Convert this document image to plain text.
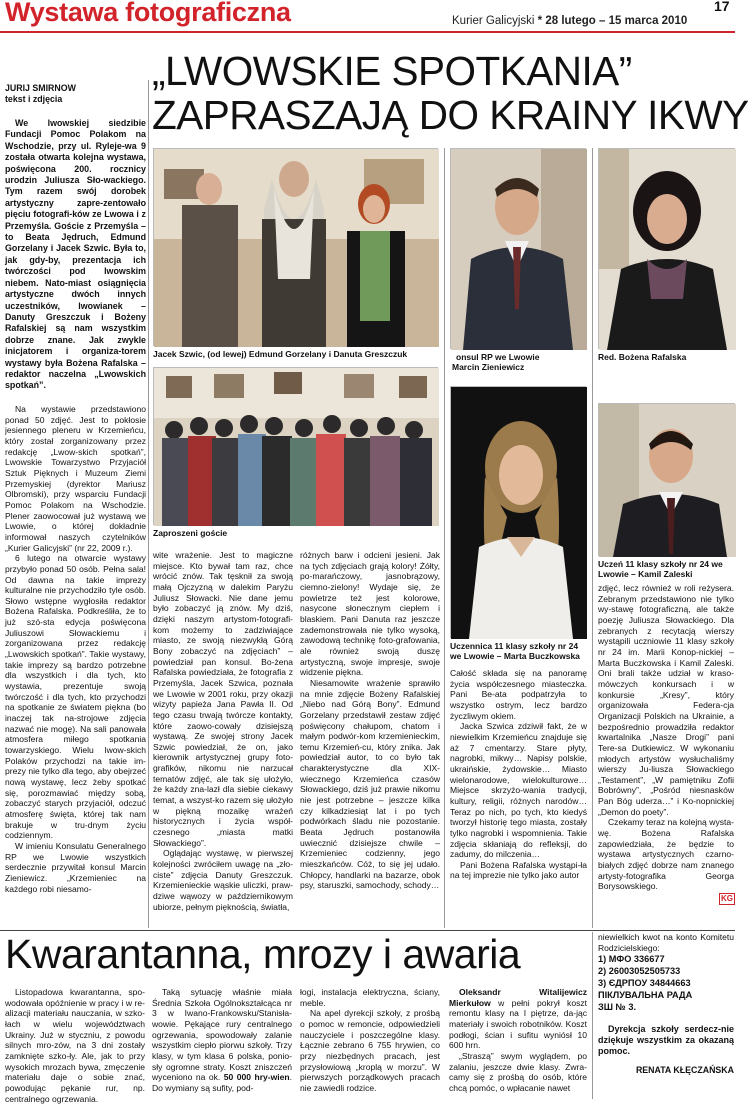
Wystawa fotograficzna	Kurier Galicyjski * 28 lutego – 15 marca 2010
17
„LWOWSKIE SPOTKANIA”
ZAPRASZAJĄ DO KRAINY IKWY
JURIJ SMIRNOW
tekst i zdjęcia

We lwowskiej siedzibie Fundacji Pomoc Polakom na Wschodzie, przy ul. Ryleje-wa 9 została otwarta kolejna wystawa, poświęcona 200. rocznicy urodzin Juliusza Sło-wackiego. Tym razem swój dorobek artystyczny zapre-zentowało pięciu fotografi-ków ze Lwowa i z Przemyśla. Goście z Przemyśla – to Beata Jędruch, Edmund Gorzelany i Jacek Szwic. Była to, jak gdy-by, prezentacja ich twórczości pod lwowskim niebem. Nato-miast osiągnięcia artystyczne dwóch innych uczestników, lwowianek – Danuty Greszczuk i Bożeny Rafalskiej są nam wszystkim dobrze znane. Jak zwykle inicjatorem i organiza-torem wystawy była Bożena Rafalska – redaktor naczelna „Lwowskich spotkań”.

Na wystawie przedstawiono ponad 50 zdjęć. Jest to pokłosie jesiennego pleneru w Krzemieńcu, który został zorganizowany przez redakcję „Lwow-skich spotkań”, Lwowskie Towarzystwo Przyjaciół Sztuk Pięknych i Muzeum Ziemi Przemyskiej (dyrektor Mariusz Olbromski), przy wsparciu Fundacji Pomoc Polakom na Wschodzie. Plener zaowocował już wystawą we Lwowie, o której dokładnie informował naszych czytelników „Kurier Galicyjski” (nr 22, 2009 r.).

6 lutego na otwarcie wystawy przybyło ponad 50 osób. Pełna sala! Od dawna na takie imprezy kulturalne nie przychodziło tyle osób. Słowo wstępne wygłosiła redaktor Bożena Rafalska. Podkreśliła, że to już szó-sta edycja poświęcona Juliuszowi Słowackiemu i zorganizowana przez redakcję „Lwowskich spotkań”. Takie wystawy, takie imprezy są bardzo potrzebne dla wszystkich i dla tych, kto wystawia, prezentuje swoją twórczość i dla tych, kto przychodzi na spotkanie ze światem piękna (bo inaczej tak na-strojowe zdjęcia nazwać nie mogę). Na sali panowała atmosfera miłego spotkania towarzyskiego. Wielu lwow-skich Polaków przychodzi na takie im-prezy nie tylko dla tego, aby obejrzeć nową wystawę, lecz żeby spotkać się, porozmawiać między sobą, zobaczyć starych przyjaciół, odczuć atmosferę święta, której tak nam brakuje w tru-dnym życiu codziennym.

W imieniu Konsulatu Generalnego RP we Lwowie wszystkich serdecznie przywitał konsul Marcin Zieniewicz. „Krzemieniec na każdego robi niesamo-

Jacek Szwic, (od lewej) Edmund Gorzelany i Danuta Greszczuk	onsul RP we Lwowie
Marcin Zieniewicz
Red. Bożena Rafalska
Zaproszeni goście
Uczennica 11 klasy szkoły nr 24 we Lwowie – Marta Buczkowska
Uczeń 11 klasy szkoły nr 24 we Lwowie – Kamil Zaleski

wite wrażenie. Jest to magiczne miejsce. Kto bywał tam raz, chce wrócić znów. Tak tęsknił za swoją małą Ojczyzną w dalekim Paryżu Juliusz Słowacki. Nie dane jemu było zobaczyć ją znów. My dziś, dzięki naszym artystom-fotografi-kom możemy to zadziwiające miasto, ze swoją niezwykłą Górą Bony zobaczyć na zdjęciach” – powiedział pan konsul. Bo-żena Rafalska powiedziała, że fotografia z Przemyśla, Jacek Szwica, poznała we Lwowie w 2001 roku, przy okazji wizyty papieża Jana Pawła II. Od tego czasu trwają twórcze kontakty, które zaowo-cowały dzisiejszą wystawą. Ze swojej strony Jacek Szwic powiedział, że on, jako kierownik artystycznej grupy foto-grafików, nikomu nie narzucał tematów zdjęć, ale tak się ułożyło, że każdy zna-lazł dla siebie ciekawy temat, a wszyst-ko razem się ułożyło w piękną mozaikę wrażeń historycznych i życia współ-czesnego „miasta matki Słowackiego”.

Oglądając wystawę, w pierwszej kolejności zwróciłem uwagę na „zło-ciste” zdjęcia Danuty Greszczuk. Krzemienieckie wąskie uliczki, praw-dziwe wąwozy w październikowym ubiorze, pełnym pięknością, światła,

różnych barw i odcieni jesieni. Jak na tych zdjęciach grają kolory! Żółty, po-marańczowy, jasnobrązowy, ciemno-zielony! Wydaje się, że powietrze też jest kolorowe, nasycone słonecznym ciepłem i blaskiem. Pani Danuta raz jeszcze zademonstrowała nie tylko wysoką, zawodową technikę foto-grafowania, ale również swoją duszę artystyczną, swoje impresje, swoje widzenie piękna.

Niesamowite wrażenie sprawiło na mnie zdjęcie Bożeny Rafalskiej „Niebo nad Górą Bony”. Edmund Gorzelany przedstawił zestaw zdjęć poświęcony chałupom, chatom i małym podwór-kom krzemienieckim, temu Krzemień-cu, który znika. Jak powiedział autor, to co było tak charakterystyczne dla XIX-wiecznego Krzemieńca czasów Słowackiego, dziś już prawie nikomu nie jest potrzebne – jeszcze kilka czy kilkadziesiąt lat i po tych podwórkach śladu nie pozostanie. Beata Jędruch postanowiła uwiecznić dzisiejsze chwile – Krzemieniec codzienny, jego mieszkańców. Cóż, to się jej udało. Chłopcy, handlarki na bazarze, obok psy, staruszki, samochody, schody…

Całość składa się na panoramę życia współczesnego miasteczka. Pani Be-ata podpatrzyła to wszystko ostrym, lecz bardzo życzliwym okiem.

Jacka Szwica zdziwił fakt, że w niewielkim Krzemieńcu znajduje się aż 7 cmentarzy. Stare płyty, nagrobki, mikwy… Napisy polskie, ukraińskie, żydowskie… Miasto wielonarodowe, wielokulturowe… Miejsce skrzyżo-wania tradycji, kultury, religii, różnych narodów… Teraz po nich, po tych, kto kiedyś tworzył historię tego miasta, zostały tylko nagrobki i wspomnienia. Takie zdjęcia skłaniają do refleksji, do zadumy, do milczenia…

Pani Bożena Rafalska wystąpi-ła na tej imprezie nie tylko jako autor

zdjęć, lecz również w roli reżysera. Zebranym przedstawiono nie tylko wy-stawę fotograficzną, ale także poezję Juliusza Słowackiego. Dla zebranych z recytacją wierszy wystąpili uczniowie 11 klasy szkoły nr 24 im. Marii Konop-nickiej – Marta Buczkowska i Kamil Zaleski. Oni brali także udział w kraso-mówczych konkursach i w konkursie „Kresy”, który organizowała Federa-cja Organizacji Polskich na Ukrainie, a bezpośrednio prowadziła redaktor kwartalnika „Nasze Drogi” pani Tere-sa Dutkiewicz. W wykonaniu młodych artystów wysłuchaliśmy wierszy Ju-liusza Słowackiego „Testament”, „W pamiętniku Zofii Bobrówny”, „Pośród niesnasków Pan Bóg uderza…” i Ko-nopnickiej „Demon do poety”.

Czekamy teraz na kolejną wysta-wę. Bożena Rafalska zapowiedziała, że będzie to wystawa artystycznych czarno-białych zdjęć dobrze nam znanego artysty-fotografika Georga Borysowskiego.

KG
Kwarantanna, mrozy i awaria

Listopadowa kwarantanna, spo-wodowała opóźnienie w pracy i w re-alizacji materiału nauczania, w szko-łach w wielu województwach Ukrainy. Już w styczniu, z powodu silnych mro-zów, na 3 dni zostały zamknięte szko-ły. Ale, jak to przy wysokich mrozach bywa, zmęczenie materiału daje o sobie znać, powodując pękanie rur, np. centralnego ogrzewania.

Taką sytuację właśnie miała Średnia Szkoła Ogólnokształcąca nr 3 w Iwano-Frankowsku/Stanisła-wowie. Pękające rury centralnego ogrzewania, spowodowały zalanie wszystkim ciepło piorwu szkoły. Trzy klasy, w tym klasa 6 polska, ponio-sły ogromne straty. Koszt zniszczeń wyceniono na ok. 50 000 hry-wien. Do wymiany są sufity, pod-

łogi, instalacja elektryczna, ściany, meble.

Na apel dyrekcji szkoły, z prośbą o pomoc w remoncie, odpowiedzieli nauczyciele i poszczególne klasy. Łącznie zebrano 6 755 hrywien, co przy niezbędnych pracach, jest przysłowiową „kroplą w morzu”. W pierwszych porządkowych pracach nie zawiedli rodzice.

Oleksandr Witalijewicz Mierkułow w pełni pokrył koszt remontu klasy na I piętrze, da-jąc materiały i swoich robotników. Koszt podłogi, ścian i sufitu wyniósł 10 600 hrn.

„Straszą” swym wyglądem, po zalaniu, jeszcze dwie klasy. Zwra-camy się z prośbą do osób, które chcą pomóc, o wpłacanie nawet

niewielkich kwot na konto Komitetu Rodzicielskiego:

1) МФО 336677
2) 26003052505733
3) ЄДРПОУ 34844663
ПІКЛУВАЛЬНА РАДА
ЗШ № 3.

Dyrekcja szkoły serdecz-nie dziękuje wszystkim za okazaną pomoc.

RENATA KŁĘCZAŃSKA
